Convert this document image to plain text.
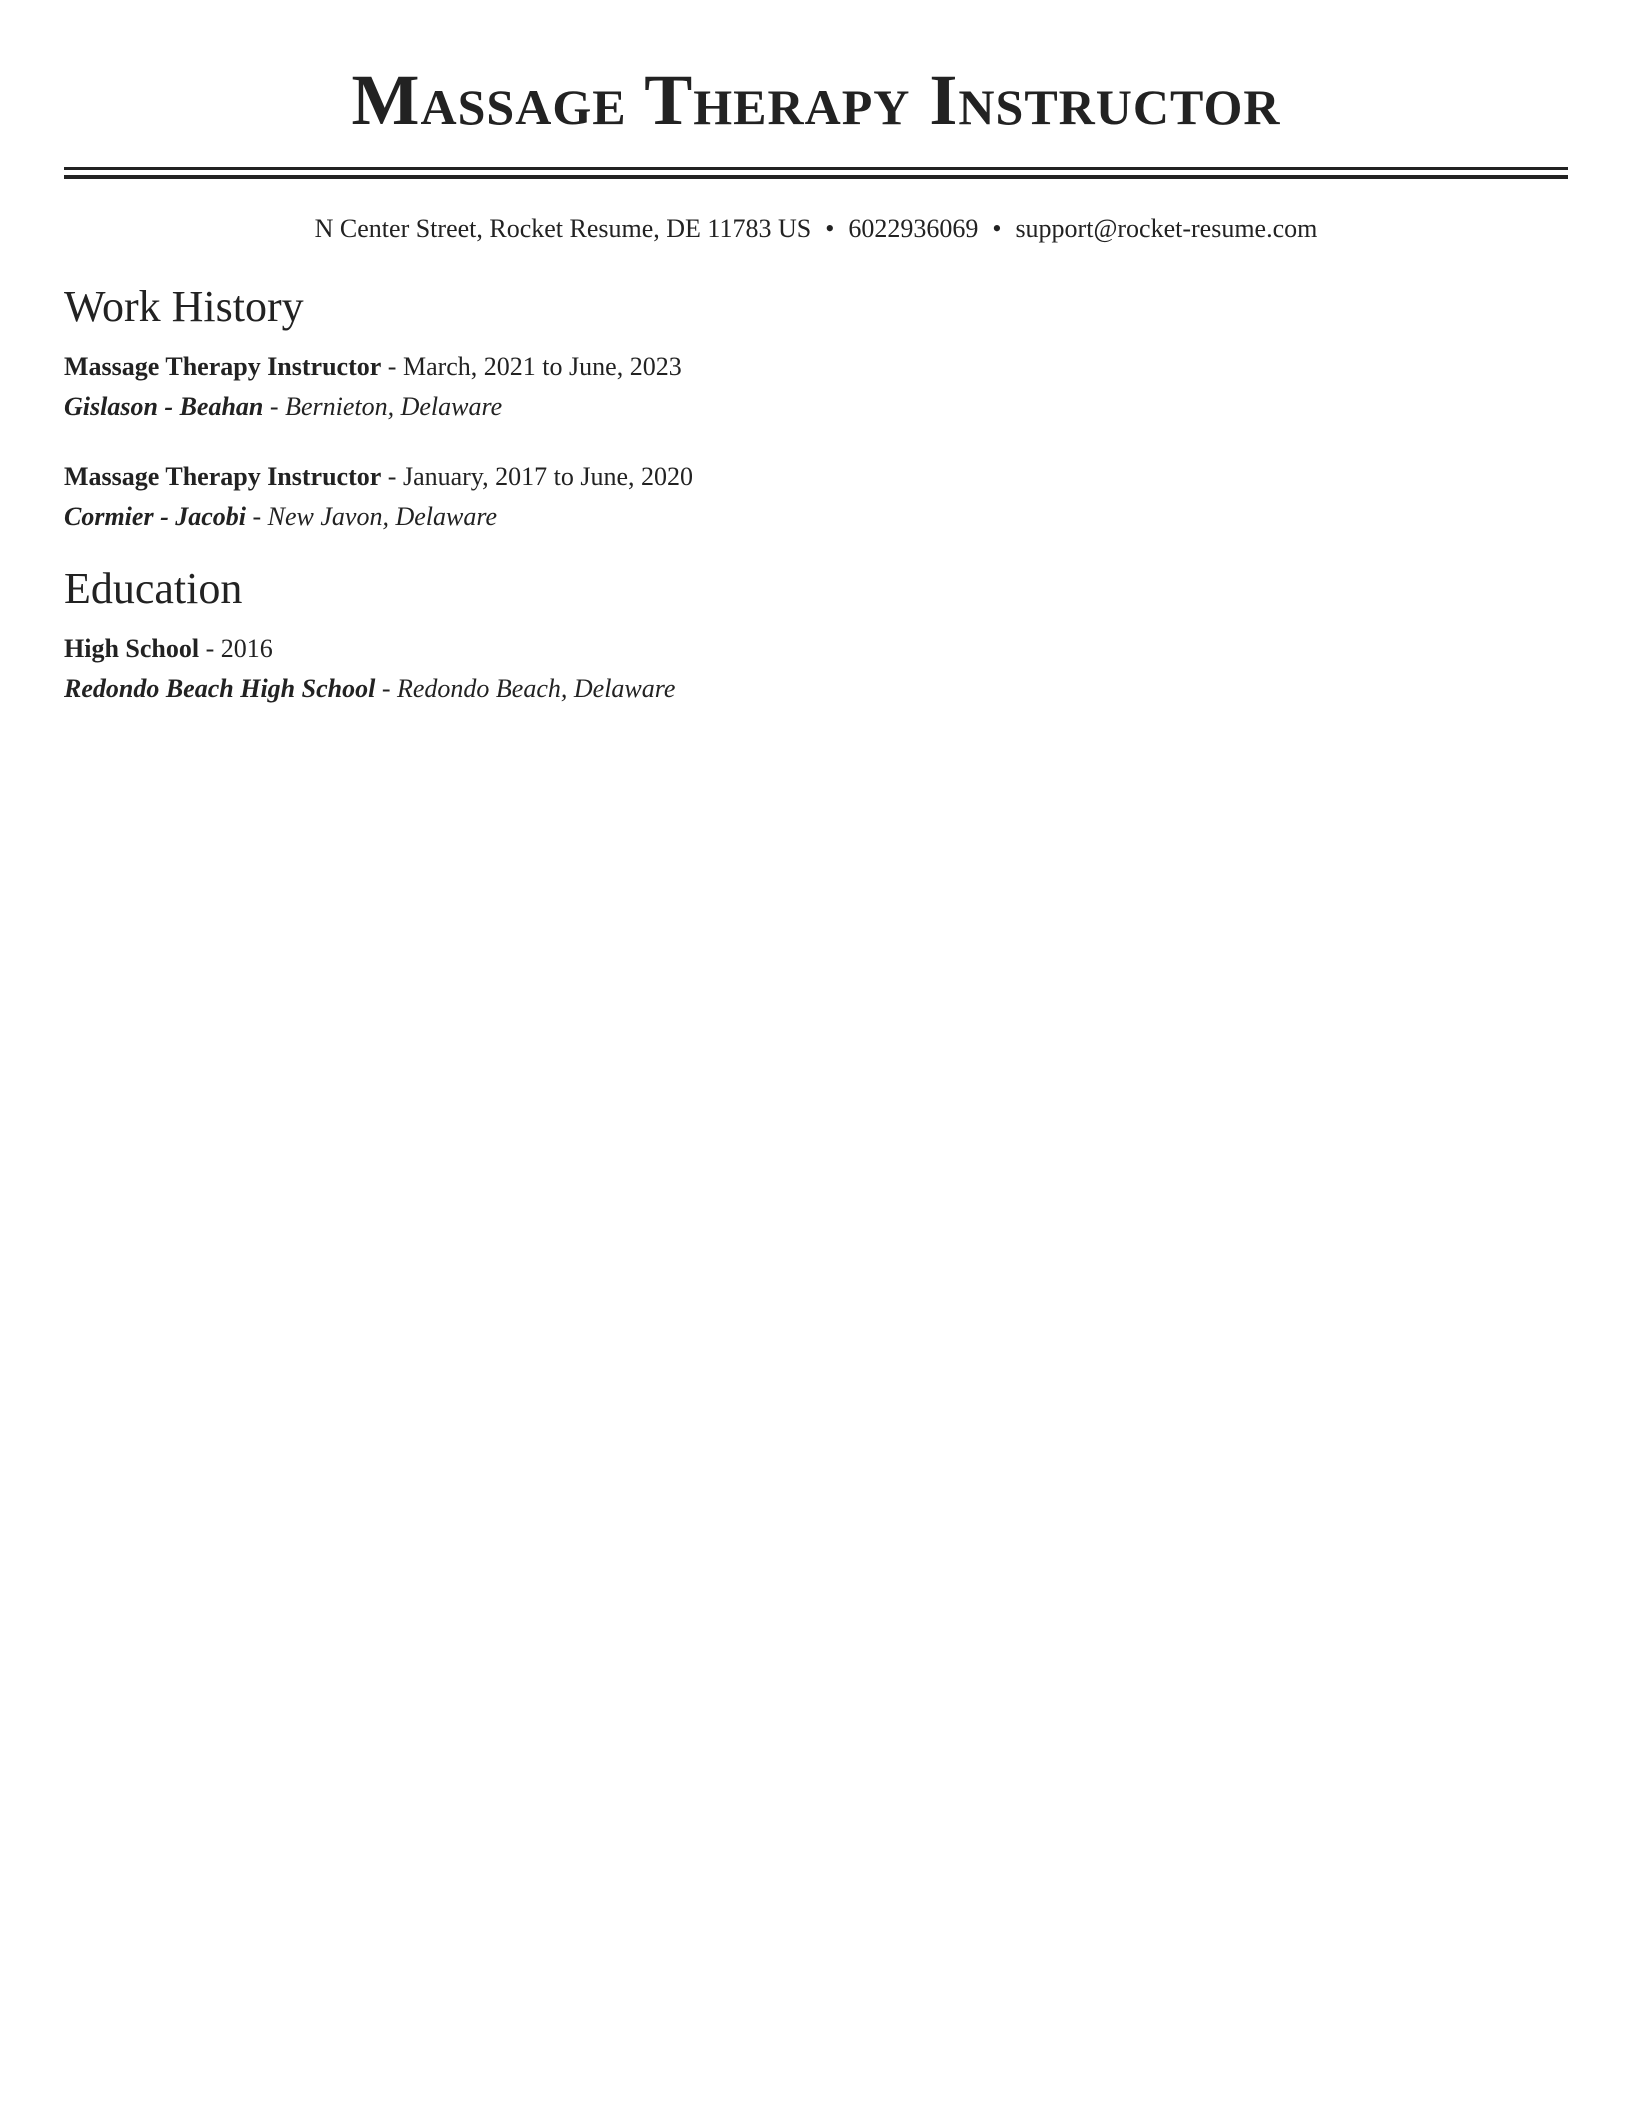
Massage Therapy Instructor
N Center Street, Rocket Resume, DE 11783 US • 6022936069 • support@rocket-resume.com
Work History
Massage Therapy Instructor - March, 2021 to June, 2023
Gislason - Beahan - Bernieton, Delaware
Massage Therapy Instructor - January, 2017 to June, 2020
Cormier - Jacobi - New Javon, Delaware
Education
High School - 2016
Redondo Beach High School - Redondo Beach, Delaware
